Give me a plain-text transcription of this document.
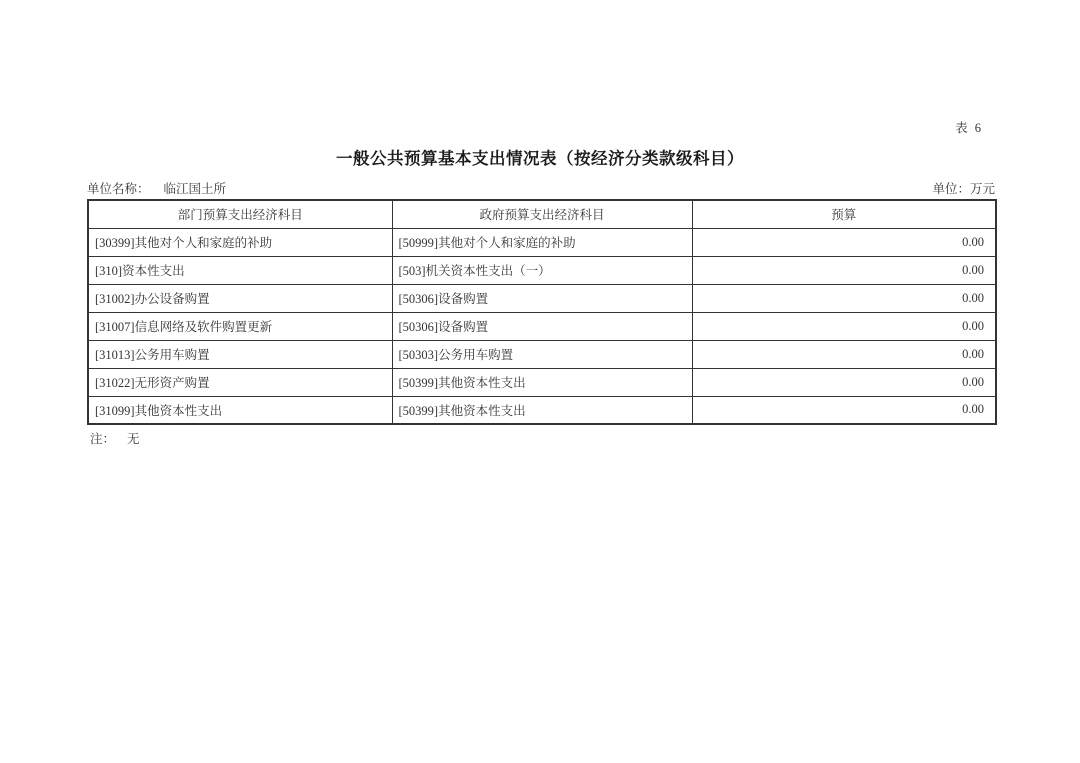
表 6
一般公共预算基本支出情况表（按经济分类款级科目）
单位名称： 临江国土所	单位：万元
部门预算支出经济科目	政府预算支出经济科目	预算
[30399]其他对个人和家庭的补助	[50999]其他对个人和家庭的补助	0.00
[310]资本性支出	[503]机关资本性支出（一）	0.00
[31002]办公设备购置	[50306]设备购置	0.00
[31007]信息网络及软件购置更新	[50306]设备购置	0.00
[31013]公务用车购置	[50303]公务用车购置	0.00
[31022]无形资产购置	[50399]其他资本性支出	0.00
[31099]其他资本性支出	[50399]其他资本性支出	0.00
注： 无
